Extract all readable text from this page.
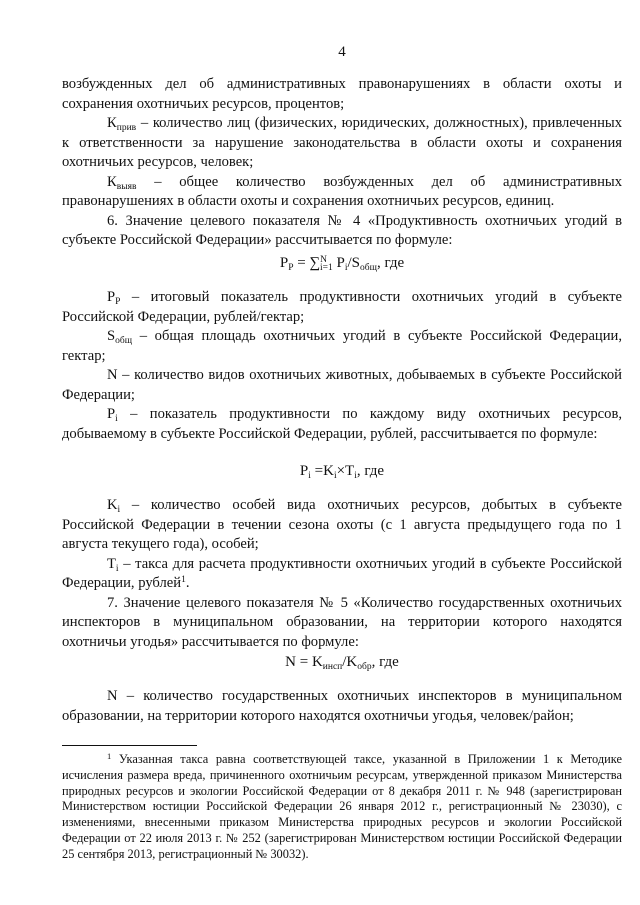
4

возбужденных дел об административных правонарушениях в области охоты и сохранения охотничьих ресурсов, процентов;

$К_{прив}$ – количество лиц (физических, юридических, должностных), привлеченных к ответственности за нарушение законодательства в области охоты и сохранения охотничьих ресурсов, человек;

$К_{выяв}$ – общее количество возбужденных дел об административных правонарушениях в области охоты и сохранения охотничьих ресурсов, единиц.

6. Значение целевого показателя № 4 «Продуктивность охотничьих угодий в субъекте Российской Федерации» рассчитывается по формуле:

$P_P = \sum^N_{i=1}$ $P_i/S_{общ}$, где

$P_P$ – итоговый показатель продуктивности охотничьих угодий в субъекте Российской Федерации, рублей/гектар;

$S_{общ}$ – общая площадь охотничьих угодий в субъекте Российской Федерации, гектар;

N – количество видов охотничьих животных, добываемых в субъекте Российской Федерации;

$P_i$ – показатель продуктивности по каждому виду охотничьих ресурсов, добываемому в субъекте Российской Федерации, рублей, рассчитывается по формуле:

$P_i =K_i\times T_i$, где

$K_i$ – количество особей вида охотничьих ресурсов, добытых в субъекте Российской Федерации в течении сезона охоты (с 1 августа предыдущего года по 1 августа текущего года), особей;

$T_i$ – такса для расчета продуктивности охотничьих угодий в субъекте Российской Федерации, рублей$^1$.

7. Значение целевого показателя № 5 «Количество государственных охотничьих инспекторов в муниципальном образовании, на территории которого находятся охотничьи угодья» рассчитывается по формуле:

$N = K_{инсп}/K_{обр}$, где

N – количество государственных охотничьих инспекторов в муниципальном образовании, на территории которого находятся охотничьи угодья, человек/район;

$^1$ Указанная такса равна соответствующей таксе, указанной в Приложении 1 к Методике исчисления размера вреда, причиненного охотничьим ресурсам, утвержденной приказом Министерства природных ресурсов и экологии Российской Федерации от 8 декабря 2011 г. № 948 (зарегистрирован Министерством юстиции Российской Федерации 26 января 2012 г., регистрационный № 23030), с изменениями, внесенными приказом Министерства природных ресурсов и экологии Российской Федерации от 22 июля 2013 г. № 252 (зарегистрирован Министерством юстиции Российской Федерации 25 сентября 2013, регистрационный № 30032).
